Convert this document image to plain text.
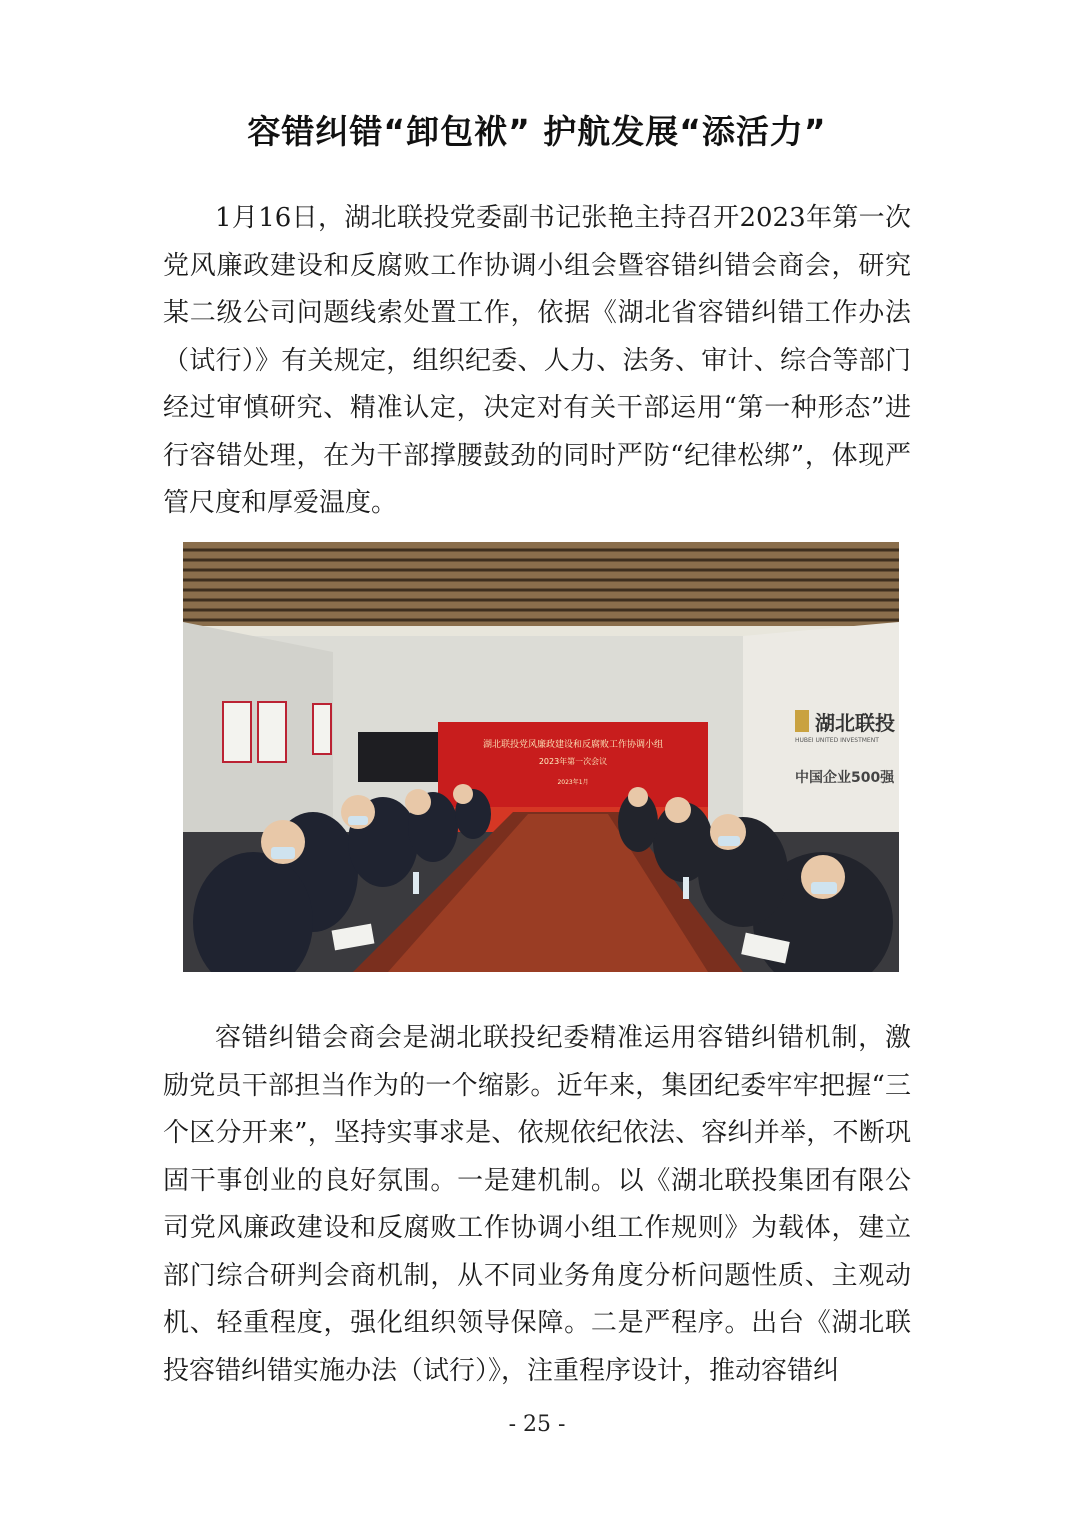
容错纠错“卸包袱” 护航发展“添活力”

1月16日，湖北联投党委副书记张艳主持召开2023年第一次党风廉政建设和反腐败工作协调小组会暨容错纠错会商会，研究某二级公司问题线索处置工作，依据《湖北省容错纠错工作办法（试行）》有关规定，组织纪委、人力、法务、审计、综合等部门经过审慎研究、精准认定，决定对有关干部运用“第一种形态”进行容错处理，在为干部撑腰鼓劲的同时严防“纪律松绑”，体现严管尺度和厚爱温度。

湖北联投党风廉政建设和反腐败工作协调小组
2023年第一次会议
2023年1月
湖北联投
HUBEI UNITED INVESTMENT
中国企业500强

容错纠错会商会是湖北联投纪委精准运用容错纠错机制，激励党员干部担当作为的一个缩影。近年来，集团纪委牢牢把握“三个区分开来”，坚持实事求是、依规依纪依法、容纠并举，不断巩固干事创业的良好氛围。一是建机制。以《湖北联投集团有限公司党风廉政建设和反腐败工作协调小组工作规则》为载体，建立部门综合研判会商机制，从不同业务角度分析问题性质、主观动机、轻重程度，强化组织领导保障。二是严程序。出台《湖北联投容错纠错实施办法（试行）》，注重程序设计，推动容错纠

- 25 -
